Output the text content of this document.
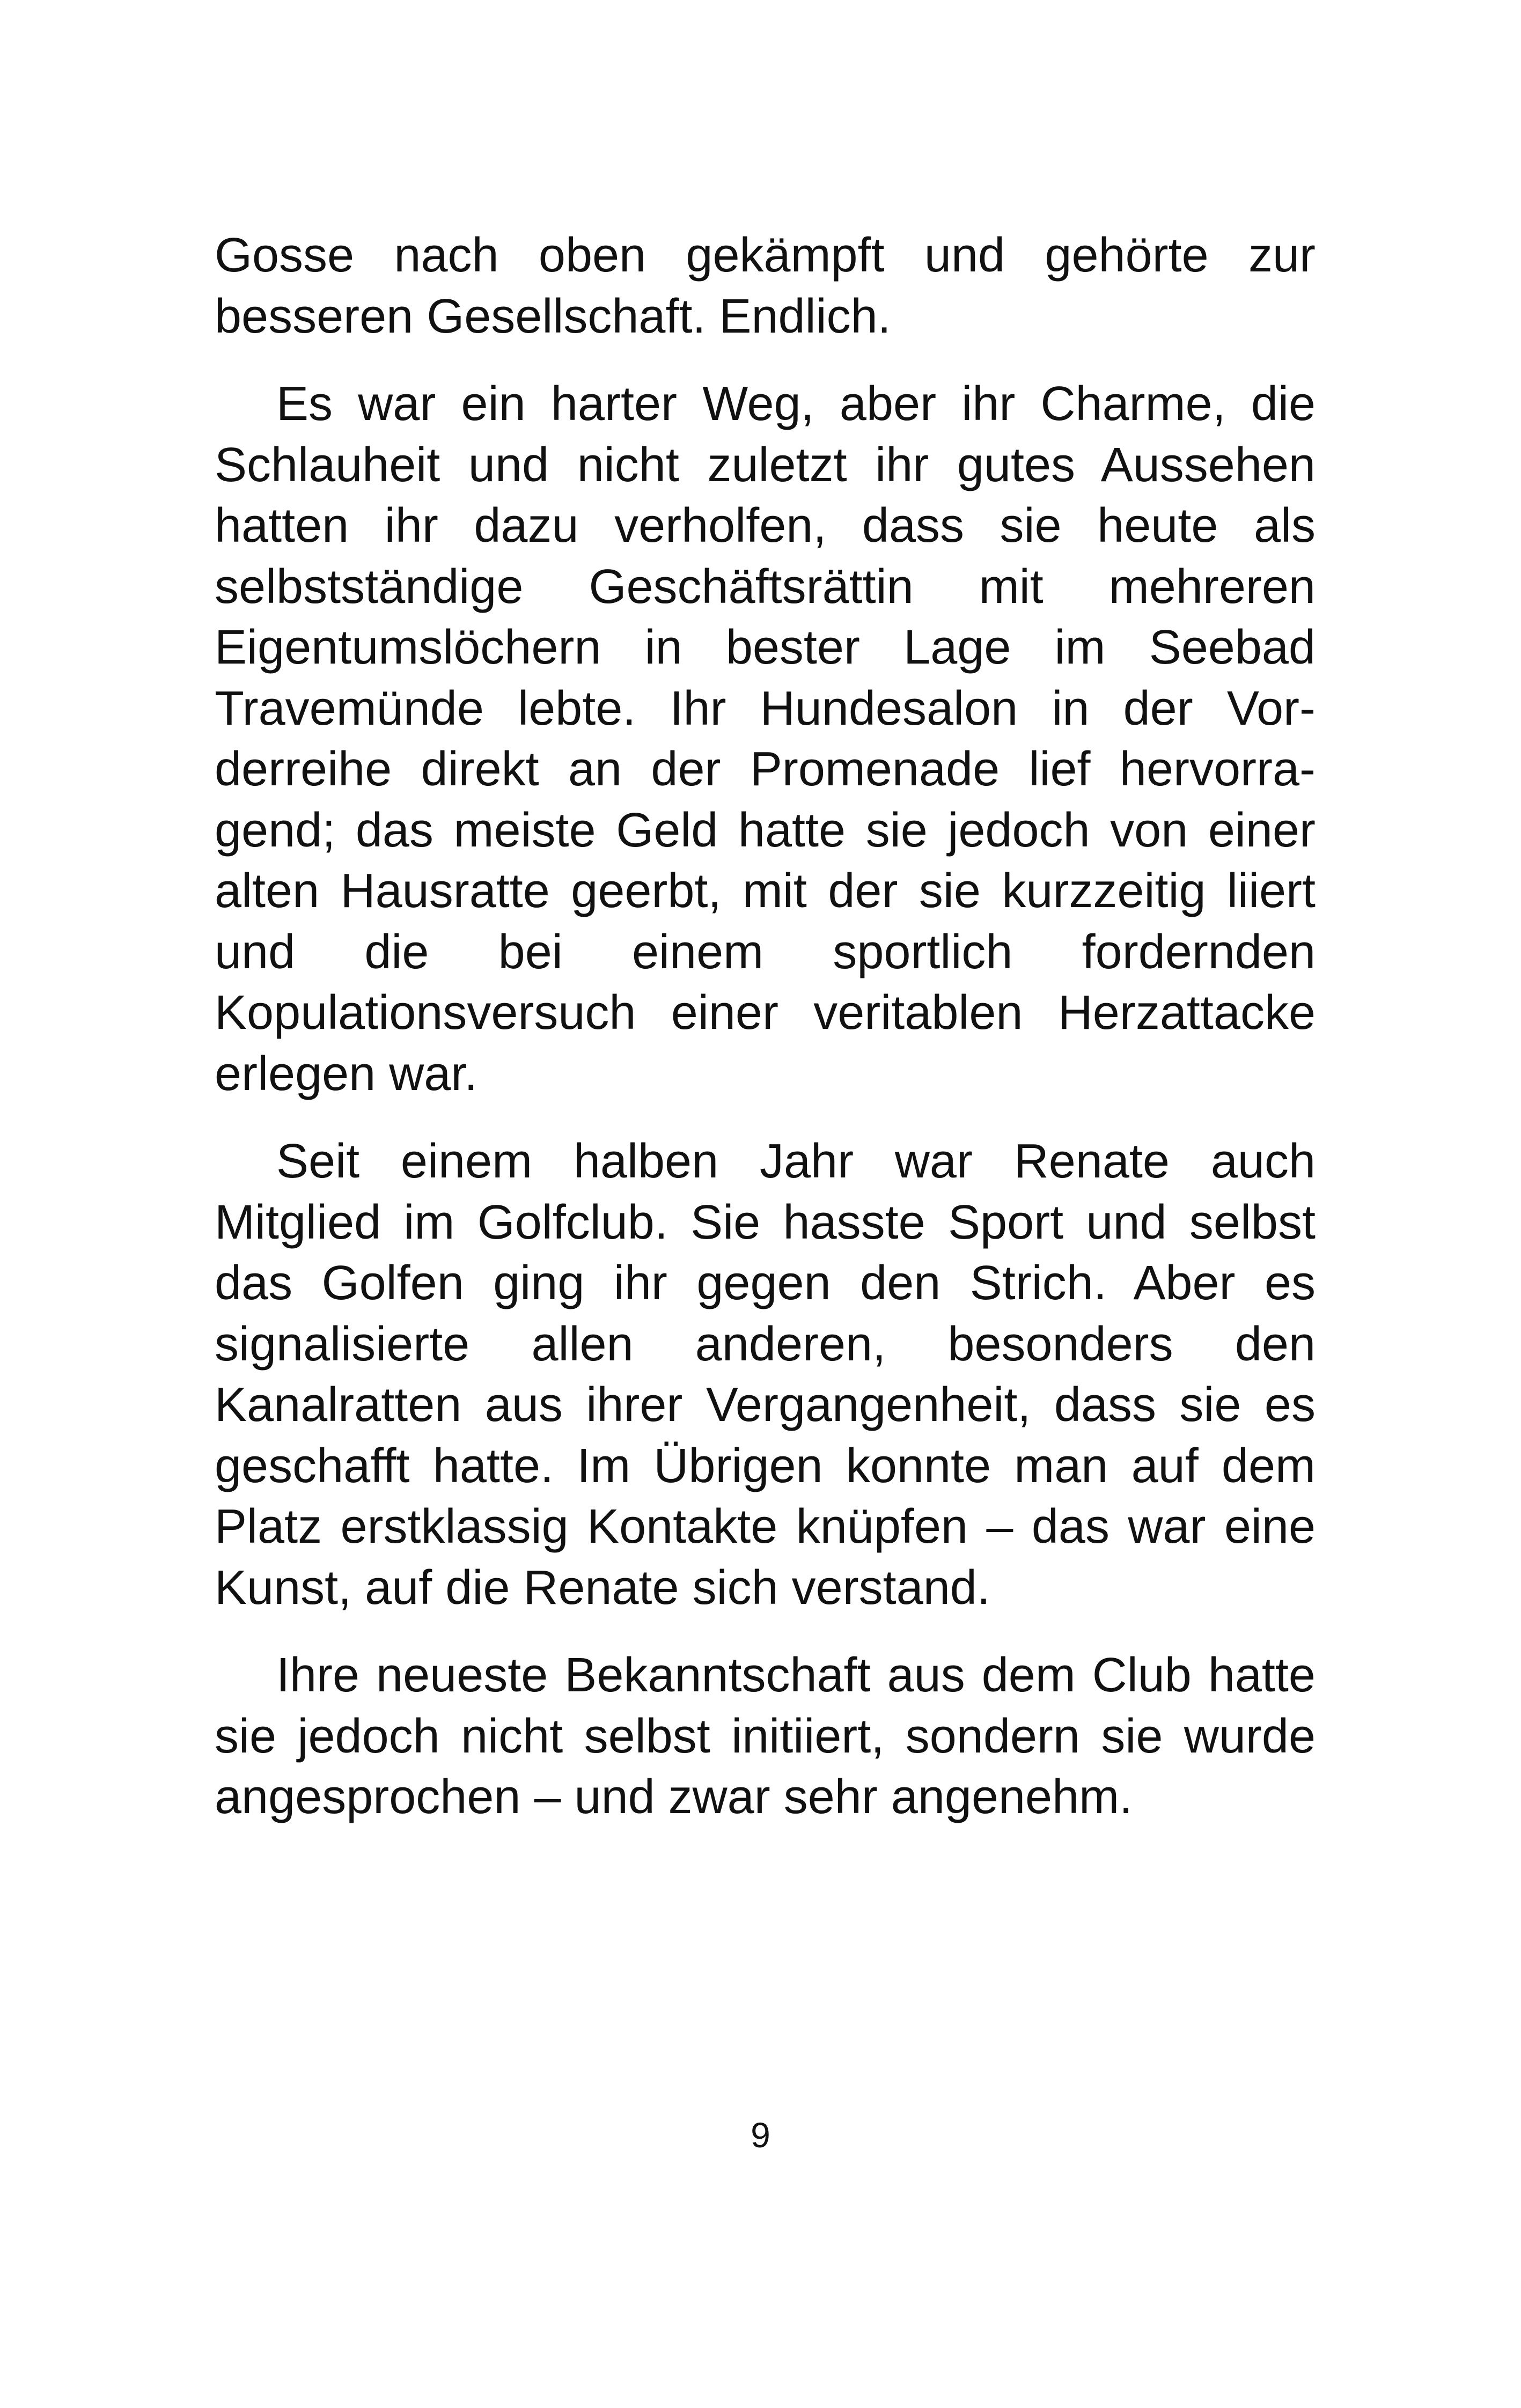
Gosse nach oben gekämpft und gehörte zur besseren Gesellschaft. Endlich.

Es war ein harter Weg, aber ihr Charme, die Schlauheit und nicht zuletzt ihr gutes Aussehen hatten ihr dazu verholfen, dass sie heute als selbstständige Geschäftsrättin mit mehreren Eigentumslöchern in bester Lage im Seebad Travemünde lebte. Ihr Hundesalon in der Vorderreihe direkt an der Promenade lief hervorragend; das meiste Geld hatte sie jedoch von einer alten Hausratte geerbt, mit der sie kurzzeitig liiert und die bei einem sportlich fordernden Kopulationsversuch einer veritablen Herzattacke erlegen war.

Seit einem halben Jahr war Renate auch Mitglied im Golfclub. Sie hasste Sport und selbst das Golfen ging ihr gegen den Strich. Aber es signalisierte allen anderen, besonders den Kanalratten aus ihrer Vergangenheit, dass sie es geschafft hatte. Im Übrigen konnte man auf dem Platz erstklassig Kontakte knüpfen – das war eine Kunst, auf die Renate sich verstand.

Ihre neueste Bekanntschaft aus dem Club hatte sie jedoch nicht selbst initiiert, sondern sie wurde angesprochen – und zwar sehr angenehm.

9
